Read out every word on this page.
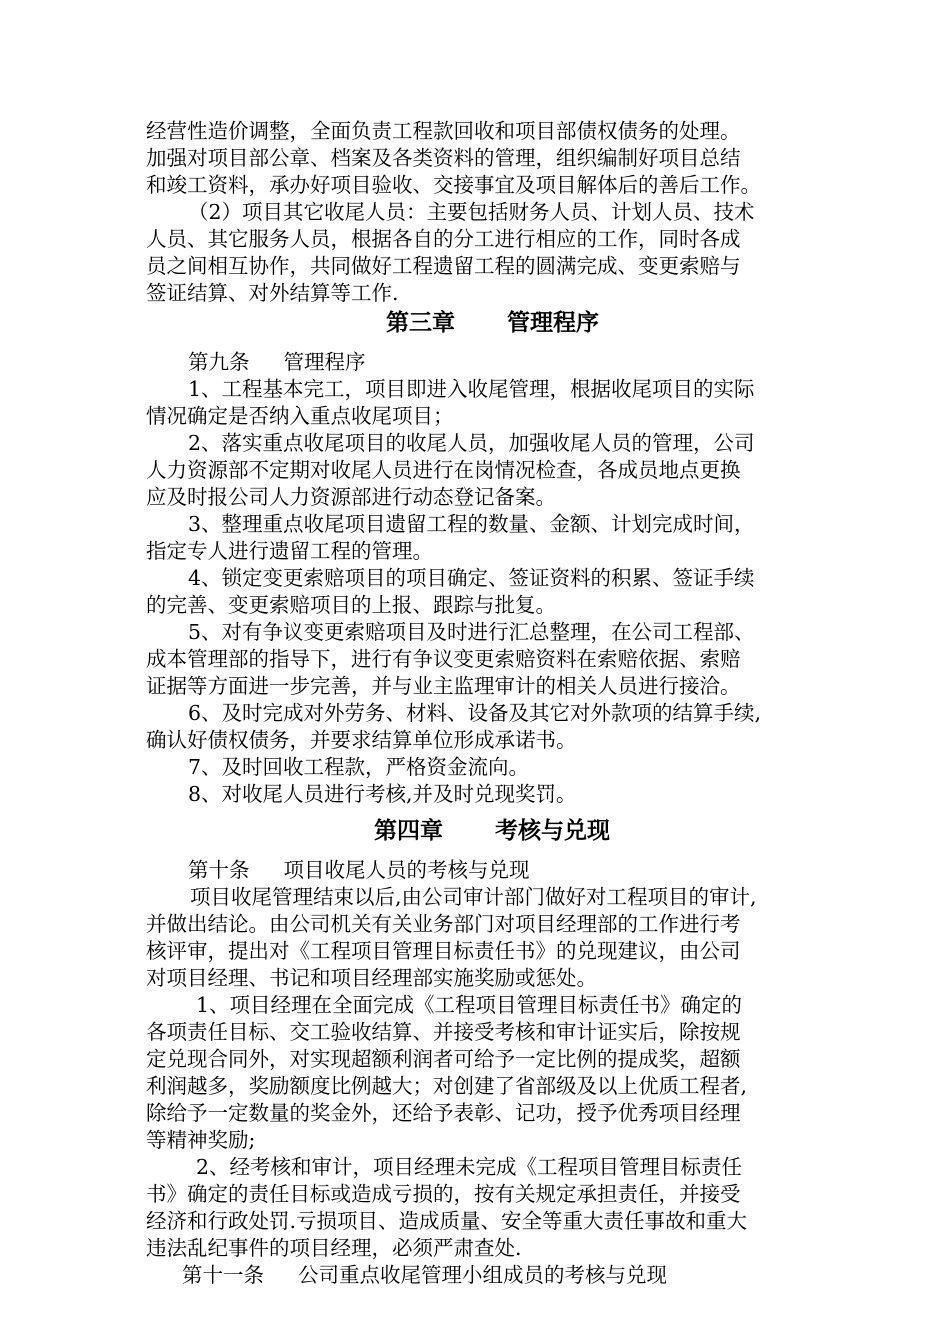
经营性造价调整，全面负责工程款回收和项目部债权债务的处理。
加强对项目部公章、档案及各类资料的管理，组织编制好项目总结
和竣工资料，承办好项目验收、交接事宜及项目解体后的善后工作。
（2）项目其它收尾人员：主要包括财务人员、计划人员、技术
人员、其它服务人员，根据各自的分工进行相应的工作，同时各成
员之间相互协作，共同做好工程遗留工程的圆满完成、变更索赔与
签证结算、对外结算等工作.
第三章 管理程序
第九条 管理程序
1、工程基本完工，项目即进入收尾管理，根据收尾项目的实际
情况确定是否纳入重点收尾项目；
2、落实重点收尾项目的收尾人员，加强收尾人员的管理，公司
人力资源部不定期对收尾人员进行在岗情况检查，各成员地点更换
应及时报公司人力资源部进行动态登记备案。
3、整理重点收尾项目遗留工程的数量、金额、计划完成时间，
指定专人进行遗留工程的管理。
4、锁定变更索赔项目的项目确定、签证资料的积累、签证手续
的完善、变更索赔项目的上报、跟踪与批复。
5、对有争议变更索赔项目及时进行汇总整理，在公司工程部、
成本管理部的指导下，进行有争议变更索赔资料在索赔依据、索赔
证据等方面进一步完善，并与业主监理审计的相关人员进行接洽。
6、及时完成对外劳务、材料、设备及其它对外款项的结算手续,
确认好债权债务，并要求结算单位形成承诺书。
7、及时回收工程款，严格资金流向。
8、对收尾人员进行考核,并及时兑现奖罚。
第四章 考核与兑现
第十条 项目收尾人员的考核与兑现
项目收尾管理结束以后,由公司审计部门做好对工程项目的审计,
并做出结论。由公司机关有关业务部门对项目经理部的工作进行考
核评审，提出对《工程项目管理目标责任书》的兑现建议，由公司
对项目经理、书记和项目经理部实施奖励或惩处。
1、项目经理在全面完成《工程项目管理目标责任书》确定的
各项责任目标、交工验收结算、并接受考核和审计证实后，除按规
定兑现合同外，对实现超额利润者可给予一定比例的提成奖，超额
利润越多，奖励额度比例越大；对创建了省部级及以上优质工程者,
除给予一定数量的奖金外，还给予表彰、记功，授予优秀项目经理
等精神奖励;
2、经考核和审计，项目经理未完成《工程项目管理目标责任
书》确定的责任目标或造成亏损的，按有关规定承担责任，并接受
经济和行政处罚.亏损项目、造成质量、安全等重大责任事故和重大
违法乱纪事件的项目经理，必须严肃查处.
第十一条 公司重点收尾管理小组成员的考核与兑现
